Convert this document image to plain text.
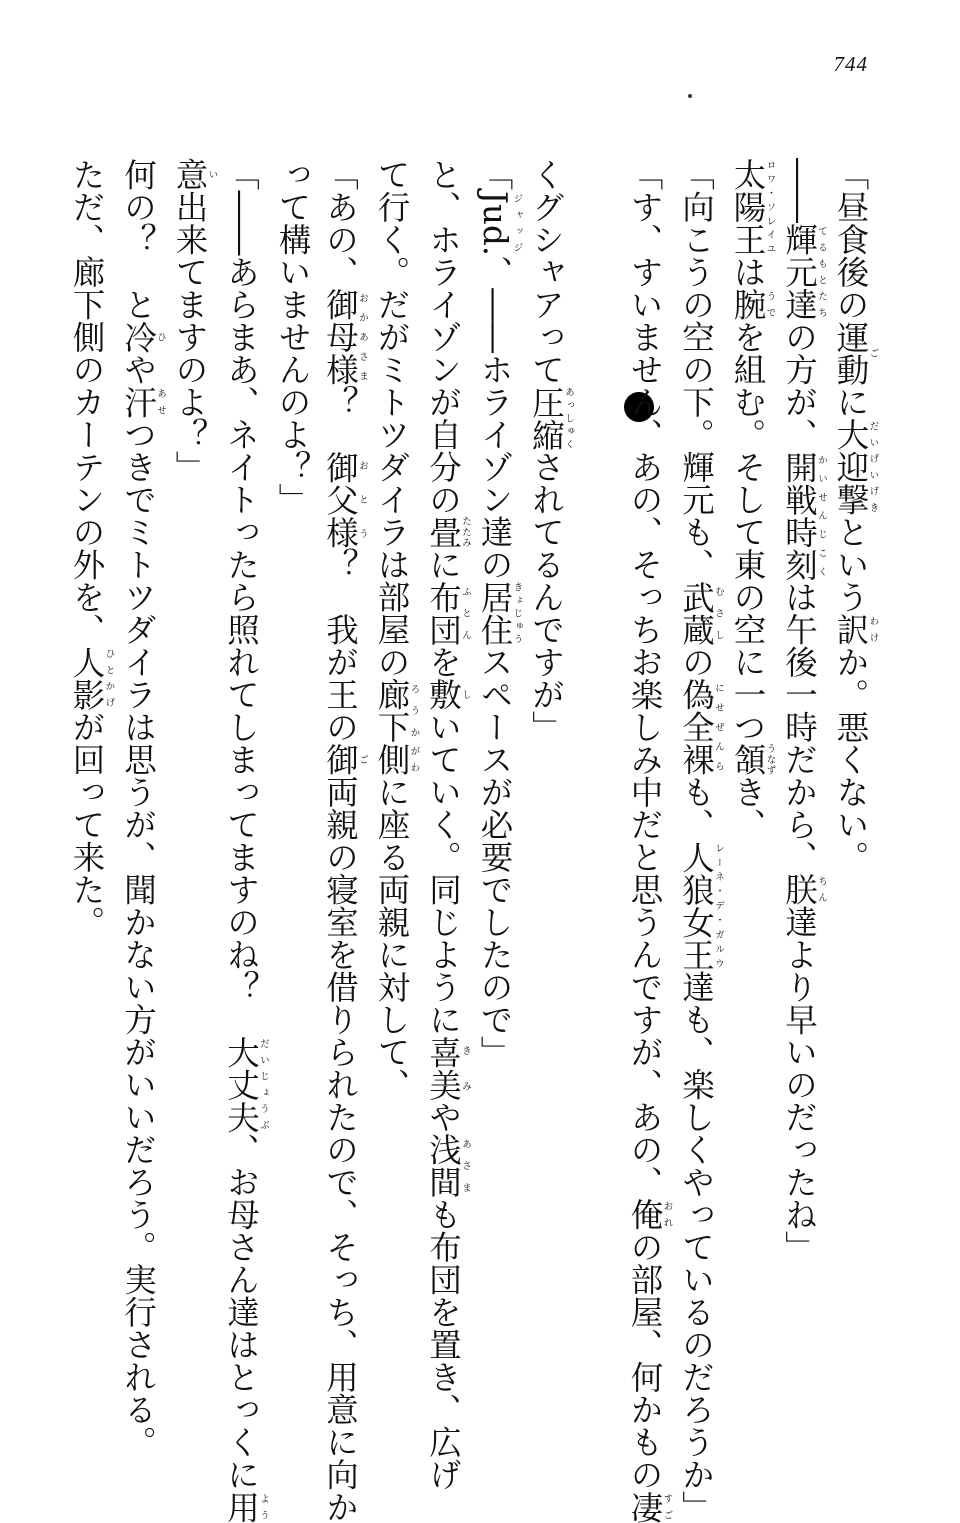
744

「昼食後の運動ごに大迎撃だいげいげきという訳わけか。悪くない。

――輝元達てるもとたちの方が、開戦時刻かいせんじこくは午後一時だから、朕ちん達より早いのだったね」

太陽王ロワ・ソレイユは腕うでを組む。そして東の空に一つ頷うなずき、

「向こうの空の下。輝元も、武蔵むさしの偽全裸にせぜんらも、人狼女王レーネ・デ・ガルウ達も、楽しくやっているのだろうか」

「す、すいません、あの、そっちお楽しみ中だと思うんですが、あの、俺おれの部屋、何かもの凄すご

くグシャアって圧縮あっしゅくされてるんですが」

「Jud.ジャッジ、――ホライゾン達の居住きょじゅうスペースが必要でしたので」

と、ホライゾンが自分の畳たたみに布団ふとんを敷しいていく。同じように喜美きみや浅間あさまも布団を置き、広げ

て行く。だがミトツダイラは部屋の廊下ろうか側がわに座る両親に対して、

「あの、御母様おかあさま？　御父様おとう？　我が王の御ご両親の寝室を借りられたので、そっち、用意に向か

って構いませんのよ？」

「――あらまあ、ネイトったら照れてしまってますのね？　大丈夫だいじょうぶ、お母さん達はとっくに用よう

意い出来てますのよ？」

何の？　と冷ひや汗あせつきでミトツダイラは思うが、聞かない方がいいだろう。実行される。

ただ、廊下側のカーテンの外を、人影ひとかげが回って来た。
